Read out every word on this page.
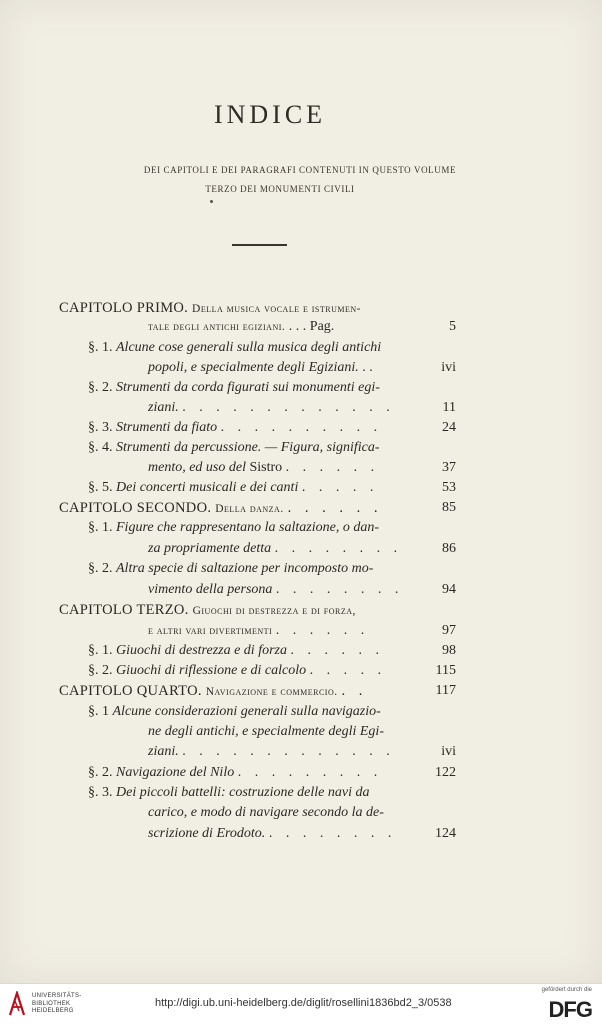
INDICE
DEI CAPITOLI E DEI PARAGRAFI CONTENUTI IN QUESTO VOLUME
TERZO DEI MONUMENTI CIVILI
CAPITOLO PRIMO. Della musica vocale e istrumen-
tale degli antichi egiziani. . . . Pag.	5
§. 1. Alcune cose generali sulla musica degli antichi
popoli, e specialmente degli Egiziani. . .	ivi
§. 2. Strumenti da corda figurati sui monumenti egi-
ziani. . . . . . . . . . . . . .	11
§. 3. Strumenti da fiato . . . . . . . . . .	24
§. 4. Strumenti da percussione. — Figura, significa-
mento, ed uso del Sistro . . . . . .	37
§. 5. Dei concerti musicali e dei canti . . . . .	53
CAPITOLO SECONDO. Della danza. . . . . . .	85
§. 1. Figure che rappresentano la saltazione, o dan-
za propriamente detta . . . . . . . .	86
§. 2. Altra specie di saltazione per incomposto mo-
vimento della persona . . . . . . . .	94
CAPITOLO TERZO. Giuochi di destrezza e di forza,
e altri vari divertimenti . . . . . .	97
§. 1. Giuochi di destrezza e di forza . . . . . .	98
§. 2. Giuochi di riflessione e di calcolo . . . . .	115
CAPITOLO QUARTO. Navigazione e commercio. . .	117
§. 1 Alcune considerazioni generali sulla navigazio-
ne degli antichi, e specialmente degli Egi-
ziani. . . . . . . . . . . . . .	ivi
§. 2. Navigazione del Nilo . . . . . . . . .	122
§. 3. Dei piccoli battelli: costruzione delle navi da
carico, e modo di navigare secondo la de-
scrizione di Erodoto. . . . . . . . .	124
UNIVERSITÄTS-
BIBLIOTHEK
HEIDELBERG
http://digi.ub.uni-heidelberg.de/diglit/rosellini1836bd2_3/0538
gefördert durch die
DFG
